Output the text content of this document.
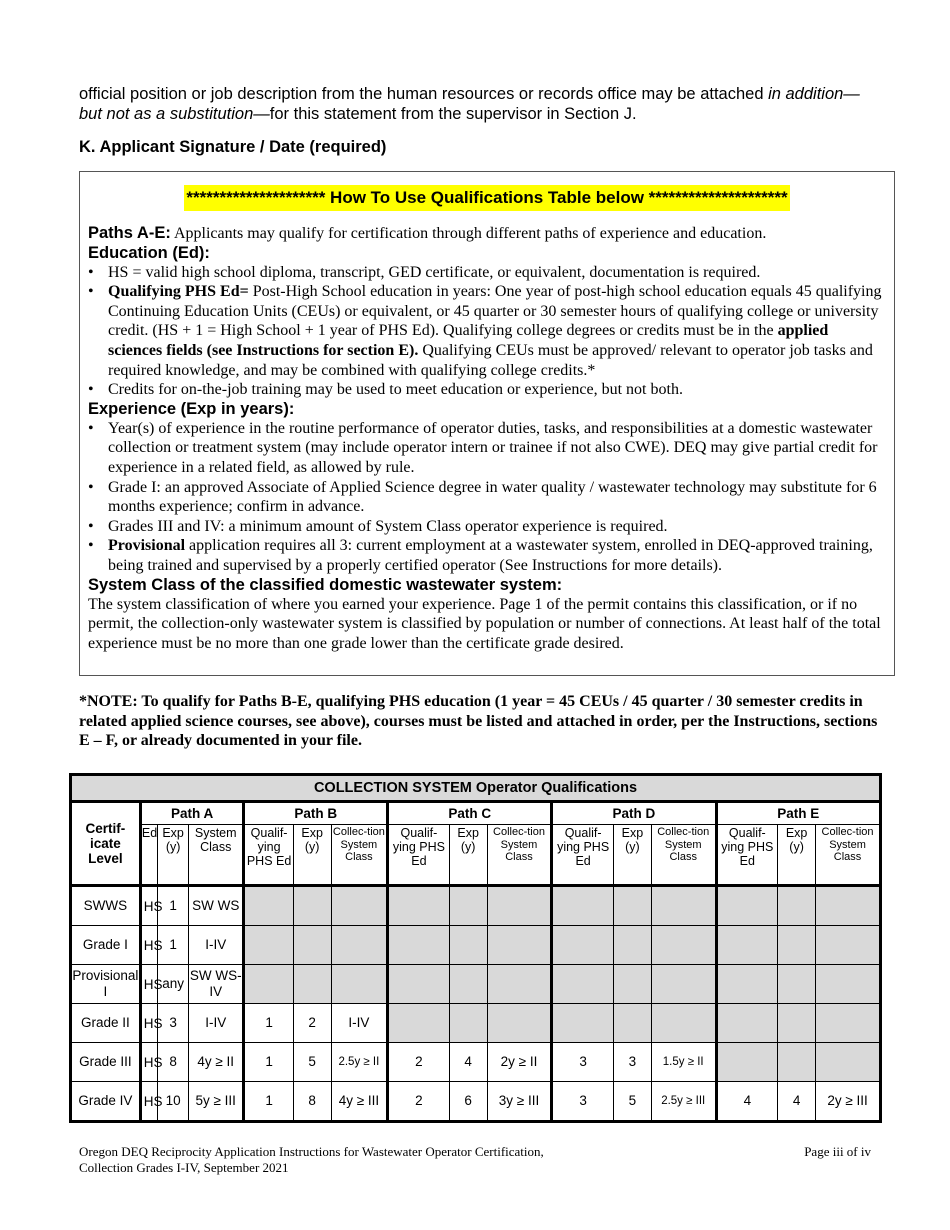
official position or job description from the human resources or records office may be attached in addition—but not as a substitution—for this statement from the supervisor in Section J.
K. Applicant Signature / Date (required)
********************* How To Use Qualifications Table below *********************

Paths A-E: Applicants may qualify for certification through different paths of experience and education.

Education (Ed):
• HS = valid high school diploma, transcript, GED certificate, or equivalent, documentation is required.
• Qualifying PHS Ed= Post-High School education in years: One year of post-high school education equals 45 qualifying Continuing Education Units (CEUs) or equivalent, or 45 quarter or 30 semester hours of qualifying college or university credit. (HS + 1 = High School + 1 year of PHS Ed). Qualifying college degrees or credits must be in the applied sciences fields (see Instructions for section E). Qualifying CEUs must be approved/ relevant to operator job tasks and required knowledge, and may be combined with qualifying college credits.*
• Credits for on-the-job training may be used to meet education or experience, but not both.
Experience (Exp in years):
• Year(s) of experience in the routine performance of operator duties, tasks, and responsibilities at a domestic wastewater collection or treatment system (may include operator intern or trainee if not also CWE). DEQ may give partial credit for experience in a related field, as allowed by rule.
• Grade I: an approved Associate of Applied Science degree in water quality / wastewater technology may substitute for 6 months experience; confirm in advance.
• Grades III and IV: a minimum amount of System Class operator experience is required.
• Provisional application requires all 3: current employment at a wastewater system, enrolled in DEQ-approved training, being trained and supervised by a properly certified operator (See Instructions for more details).
System Class of the classified domestic wastewater system:

The system classification of where you earned your experience. Page 1 of the permit contains this classification, or if no permit, the collection-only wastewater system is classified by population or number of connections. At least half of the total experience must be no more than one grade lower than the certificate grade desired.

*NOTE: To qualify for Paths B-E, qualifying PHS education (1 year = 45 CEUs / 45 quarter / 30 semester credits in related applied science courses, see above), courses must be listed and attached in order, per the Instructions, sections E – F, or already documented in your file.
COLLECTION SYSTEM Operator Qualifications															
Certif-icate Level	Path A			Path B			Path C			Path D			Path E		
	Ed	Exp (y)	System Class	Qualif-ying PHS Ed	Exp (y)	Collec-tion System Class	Qualif-ying PHS Ed	Exp (y)	Collec-tion System Class	Qualif-ying PHS Ed	Exp (y)	Collec-tion System Class	Qualif-ying PHS Ed	Exp (y)	Collec-tion System Class
SWWS	HS	1	SW WS												
Grade I	HS	1	I-IV												
Provisional I	HS	any	SW WS-IV												
Grade II	HS	3	I-IV	1	2	I-IV									
Grade III	HS	8	4y ≥ II	1	5	2.5y ≥ II	2	4	2y ≥ II	3	3	1.5y ≥ II			
Grade IV	HS	10	5y ≥ III	1	8	4y ≥ III	2	6	3y ≥ III	3	5	2.5y ≥ III	4	4	2y ≥ III
Oregon DEQ Reciprocity Application Instructions for Wastewater Operator Certification,
Collection Grades I-IV, September 2021
Page iii of iv
